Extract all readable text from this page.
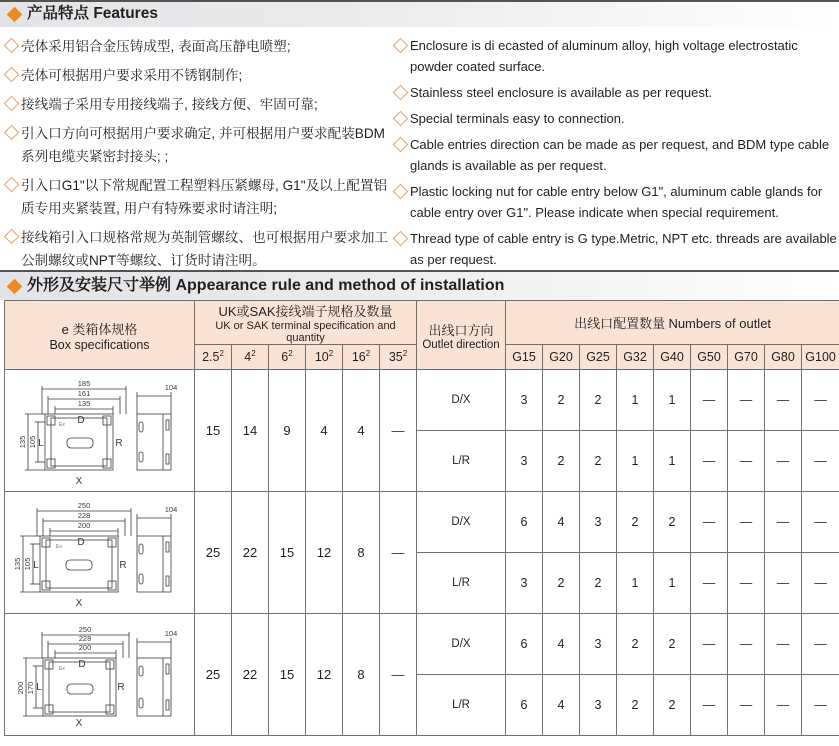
产品特点 Features
壳体采用铝合金压铸成型, 表面高压静电喷塑;
壳体可根据用户要求采用不锈钢制作;
接线端子采用专用接线端子, 接线方便、牢固可靠;
引入口方向可根据用户要求确定, 并可根据用户要求配装BDM系列电缆夹紧密封接头; ;
引入口G1"以下常规配置工程塑料压紧螺母, G1"及以上配置铝质专用夹紧装置, 用户有特殊要求时请注明;
接线箱引入口规格常规为英制管螺纹、也可根据用户要求加工公制螺纹或NPT等螺纹、订货时请注明。
Enclosure is di ecasted of aluminum alloy, high voltage electrostatic powder coated surface.
Stainless steel enclosure is available as per request.
Special terminals easy to connection.
Cable entries direction can be made as per request, and BDM type cable glands is available as per request.
Plastic locking nut for cable entry below G1", aluminum cable glands for cable entry over G1". Please indicate when special requirement.
Thread type of cable entry is G type.Metric, NPT etc. threads are available as per request.
外形及安装尺寸举例 Appearance rule and method of installation
e 类箱体规格
Box specifications

UK或SAK接线端子规格及数量
UK or SAK terminal specification and quantity

出线口方向
Outlet direction
	出线口配置数量 Numbers of outlet
	$2.5^2$	$4^2$	$6^2$	$10^2$	$16^2$	$35^2$		G15	G20	G25	G32	G40	G50	G70	G80	G100

185
161
135
104
X
135 105
D
L	R
Ex	15	14	9	4	4	—	D/X	3	2	2	1	1	—	—	—	—
							L/R	3	2	2	1	1	—	—	—	—

250
228
200
104
X
135 105
D
L	R
Ex	25	22	15	12	8	—	D/X	6	4	3	2	2	—	—	—	—
							L/R	3	2	2	1	1	—	—	—	—

250
228
200
104
X
200 170
D
L	R
Ex	25	22	15	12	8	—	D/X	6	4	3	2	2	—	—	—	—
							L/R	6	4	3	2	2	—	—	—	—
